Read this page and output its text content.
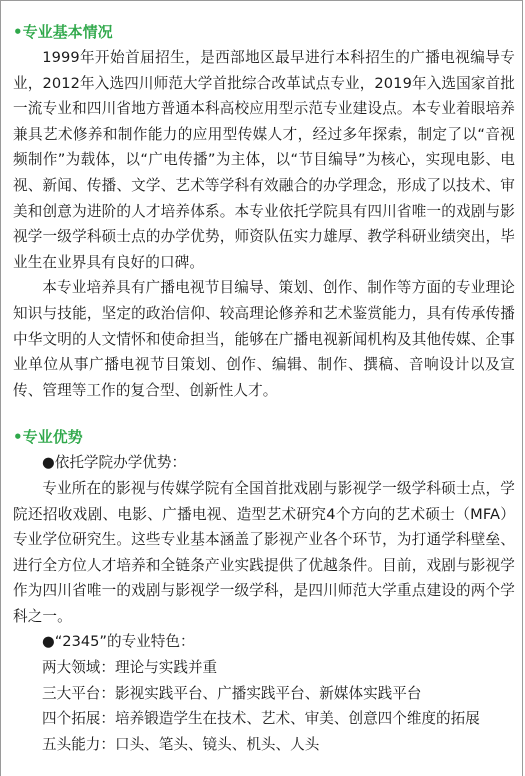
•专业基本情况

1999年开始首届招生，是西部地区最早进行本科招生的广播电视编导专业，2012年入选四川师范大学首批综合改革试点专业，2019年入选国家首批一流专业和四川省地方普通本科高校应用型示范专业建设点。本专业着眼培养兼具艺术修养和制作能力的应用型传媒人才，经过多年探索，制定了以“音视频制作”为载体，以“广电传播”为主体，以“节目编导”为核心，实现电影、电视、新闻、传播、文学、艺术等学科有效融合的办学理念，形成了以技术、审美和创意为进阶的人才培养体系。本专业依托学院具有四川省唯一的戏剧与影视学一级学科硕士点的办学优势，师资队伍实力雄厚、教学科研业绩突出，毕业生在业界具有良好的口碑。

本专业培养具有广播电视节目编导、策划、创作、制作等方面的专业理论知识与技能，坚定的政治信仰、较高理论修养和艺术鉴赏能力，具有传承传播中华文明的人文情怀和使命担当，能够在广播电视新闻机构及其他传媒、企事业单位从事广播电视节目策划、创作、编辑、制作、撰稿、音响设计以及宣传、管理等工作的复合型、创新性人才。

•专业优势

●依托学院办学优势：

专业所在的影视与传媒学院有全国首批戏剧与影视学一级学科硕士点，学院还招收戏剧、电影、广播电视、造型艺术研究4个方向的艺术硕士（MFA）专业学位研究生。这些专业基本涵盖了影视产业各个环节，为打通学科壁垒、进行全方位人才培养和全链条产业实践提供了优越条件。目前，戏剧与影视学作为四川省唯一的戏剧与影视学一级学科，是四川师范大学重点建设的两个学科之一。

●“2345”的专业特色：

两大领域：理论与实践并重

三大平台：影视实践平台、广播实践平台、新媒体实践平台

四个拓展：培养锻造学生在技术、艺术、审美、创意四个维度的拓展

五头能力：口头、笔头、镜头、机头、人头
